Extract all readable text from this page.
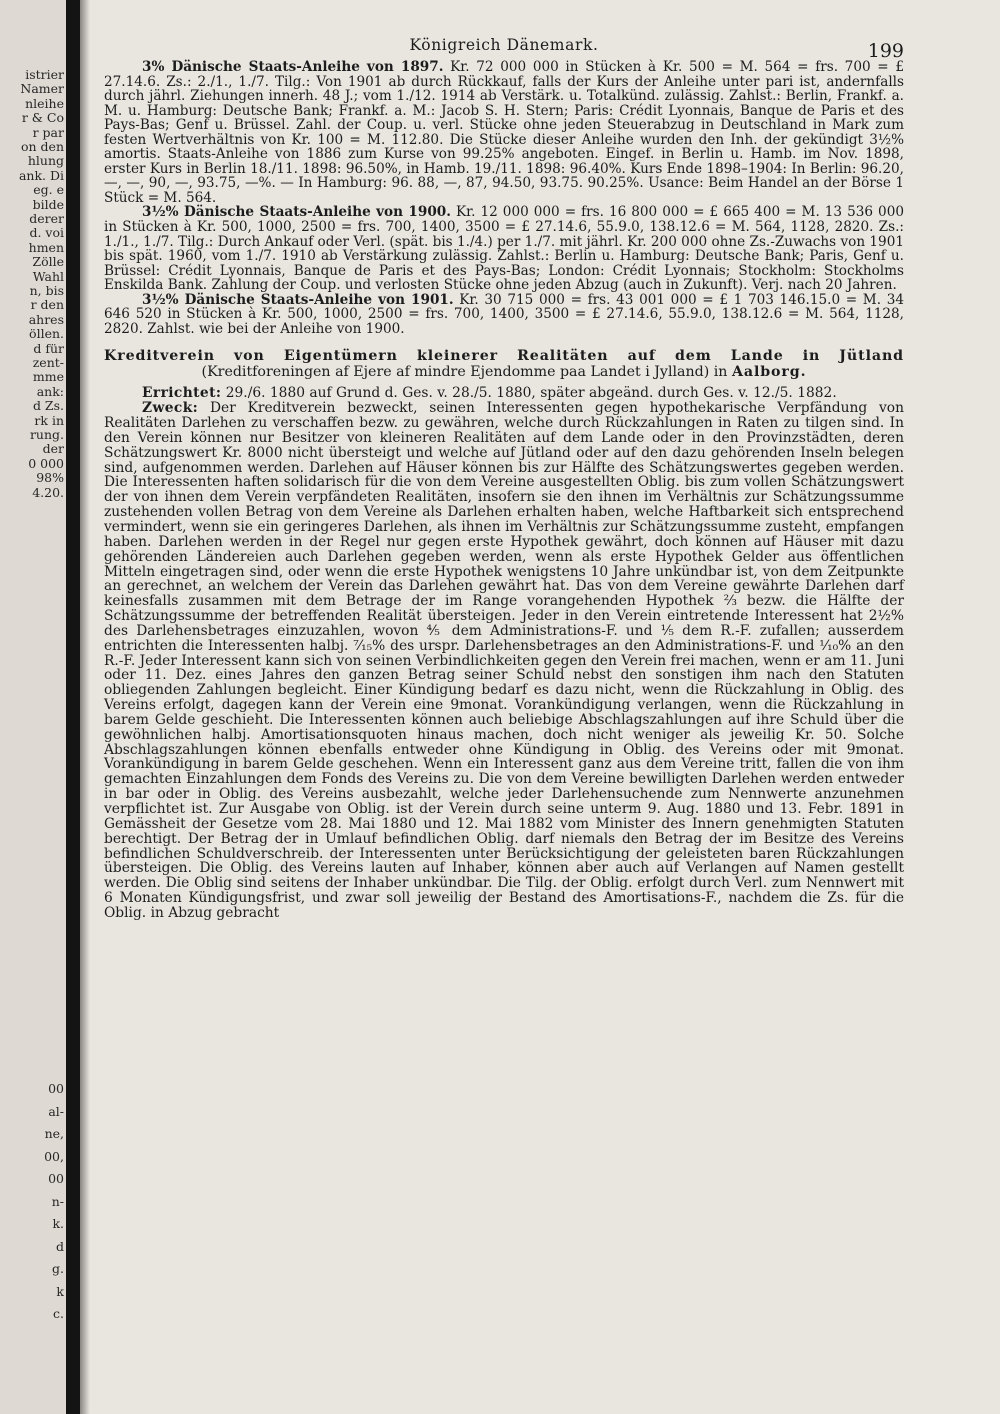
istrier
Namer
nleihe
r & Co
r par
on den
hlung
ank. Di
eg. e
bilde
derer
d. voi
hmen
Zölle
Wahl
n, bis
r den
ahres
öllen.
d für
zent-
mme
ank:
d Zs.
rk in
rung.
der
0 000
98%
4.20.
00
al-
ne,
00,
00
n-
k.
d
g.
k
c.
Königreich Dänemark.	199

3% Dänische Staats-Anleihe von 1897. Kr. 72 000 000 in Stücken à Kr. 500 = M. 564 = frs. 700 = £ 27.14.6. Zs.: 2./1., 1./7. Tilg.: Von 1901 ab durch Rückkauf, falls der Kurs der Anleihe unter pari ist, andernfalls durch jährl. Ziehungen innerh. 48 J.; vom 1./12. 1914 ab Verstärk. u. Totalkünd. zulässig. Zahlst.: Berlin, Frankf. a. M. u. Hamburg: Deutsche Bank; Frankf. a. M.: Jacob S. H. Stern; Paris: Crédit Lyonnais, Banque de Paris et des Pays-Bas; Genf u. Brüssel. Zahl. der Coup. u. verl. Stücke ohne jeden Steuerabzug in Deutschland in Mark zum festen Wertverhältnis von Kr. 100 = M. 112.80. Die Stücke dieser Anleihe wurden den Inh. der gekündigt 3½% amortis. Staats-Anleihe von 1886 zum Kurse von 99.25% angeboten. Eingef. in Berlin u. Hamb. im Nov. 1898, erster Kurs in Berlin 18./11. 1898: 96.50%, in Hamb. 19./11. 1898: 96.40%. Kurs Ende 1898–1904: In Berlin: 96.20, —, —, 90, —, 93.75, —%. — In Hamburg: 96. 88, —, 87, 94.50, 93.75. 90.25%. Usance: Beim Handel an der Börse 1 Stück = M. 564.

3½% Dänische Staats-Anleihe von 1900. Kr. 12 000 000 = frs. 16 800 000 = £ 665 400 = M. 13 536 000 in Stücken à Kr. 500, 1000, 2500 = frs. 700, 1400, 3500 = £ 27.14.6, 55.9.0, 138.12.6 = M. 564, 1128, 2820. Zs.: 1./1., 1./7. Tilg.: Durch Ankauf oder Verl. (spät. bis 1./4.) per 1./7. mit jährl. Kr. 200 000 ohne Zs.-Zuwachs von 1901 bis spät. 1960, vom 1./7. 1910 ab Verstärkung zulässig. Zahlst.: Berlin u. Hamburg: Deutsche Bank; Paris, Genf u. Brüssel: Crédit Lyonnais, Banque de Paris et des Pays-Bas; London: Crédit Lyonnais; Stockholm: Stockholms Enskilda Bank. Zahlung der Coup. und verlosten Stücke ohne jeden Abzug (auch in Zukunft). Verj. nach 20 Jahren.

3½% Dänische Staats-Anleihe von 1901. Kr. 30 715 000 = frs. 43 001 000 = £ 1 703 146.15.0 = M. 34 646 520 in Stücken à Kr. 500, 1000, 2500 = frs. 700, 1400, 3500 = £ 27.14.6, 55.9.0, 138.12.6 = M. 564, 1128, 2820. Zahlst. wie bei der Anleihe von 1900.

Kreditverein von Eigentümern kleinerer Realitäten auf dem Lande in Jütland (Kreditforeningen af Ejere af mindre Ejendomme paa Landet i Jylland) in Aalborg.

Errichtet: 29./6. 1880 auf Grund d. Ges. v. 28./5. 1880, später abgeänd. durch Ges. v. 12./5. 1882.

Zweck: Der Kreditverein bezweckt, seinen Interessenten gegen hypothekarische Verpfändung von Realitäten Darlehen zu verschaffen bezw. zu gewähren, welche durch Rückzahlungen in Raten zu tilgen sind. In den Verein können nur Besitzer von kleineren Realitäten auf dem Lande oder in den Provinzstädten, deren Schätzungswert Kr. 8000 nicht übersteigt und welche auf Jütland oder auf den dazu gehörenden Inseln belegen sind, aufgenommen werden. Darlehen auf Häuser können bis zur Hälfte des Schätzungswertes gegeben werden. Die Interessenten haften solidarisch für die von dem Vereine ausgestellten Oblig. bis zum vollen Schätzungswert der von ihnen dem Verein verpfändeten Realitäten, insofern sie den ihnen im Verhältnis zur Schätzungssumme zustehenden vollen Betrag von dem Vereine als Darlehen erhalten haben, welche Haftbarkeit sich entsprechend vermindert, wenn sie ein geringeres Darlehen, als ihnen im Verhältnis zur Schätzungssumme zusteht, empfangen haben. Darlehen werden in der Regel nur gegen erste Hypothek gewährt, doch können auf Häuser mit dazu gehörenden Ländereien auch Darlehen gegeben werden, wenn als erste Hypothek Gelder aus öffentlichen Mitteln eingetragen sind, oder wenn die erste Hypothek wenigstens 10 Jahre unkündbar ist, von dem Zeitpunkte an gerechnet, an welchem der Verein das Darlehen gewährt hat. Das von dem Vereine gewährte Darlehen darf keinesfalls zusammen mit dem Betrage der im Range vorangehenden Hypothek ⅔ bezw. die Hälfte der Schätzungssumme der betreffenden Realität übersteigen. Jeder in den Verein eintretende Interessent hat 2½% des Darlehensbetrages einzuzahlen, wovon ⅘ dem Administrations-F. und ⅕ dem R.-F. zufallen; ausserdem entrichten die Interessenten halbj. ⁷⁄₁₅% des urspr. Darlehensbetrages an den Administrations-F. und ¹⁄₁₀% an den R.-F. Jeder Interessent kann sich von seinen Verbindlichkeiten gegen den Verein frei machen, wenn er am 11. Juni oder 11. Dez. eines Jahres den ganzen Betrag seiner Schuld nebst den sonstigen ihm nach den Statuten obliegenden Zahlungen begleicht. Einer Kündigung bedarf es dazu nicht, wenn die Rückzahlung in Oblig. des Vereins erfolgt, dagegen kann der Verein eine 9monat. Vorankündigung verlangen, wenn die Rückzahlung in barem Gelde geschieht. Die Interessenten können auch beliebige Abschlagszahlungen auf ihre Schuld über die gewöhnlichen halbj. Amortisationsquoten hinaus machen, doch nicht weniger als jeweilig Kr. 50. Solche Abschlagszahlungen können ebenfalls entweder ohne Kündigung in Oblig. des Vereins oder mit 9monat. Vorankündigung in barem Gelde geschehen. Wenn ein Interessent ganz aus dem Vereine tritt, fallen die von ihm gemachten Einzahlungen dem Fonds des Vereins zu. Die von dem Vereine bewilligten Darlehen werden entweder in bar oder in Oblig. des Vereins ausbezahlt, welche jeder Darlehensuchende zum Nennwerte anzunehmen verpflichtet ist. Zur Ausgabe von Oblig. ist der Verein durch seine unterm 9. Aug. 1880 und 13. Febr. 1891 in Gemässheit der Gesetze vom 28. Mai 1880 und 12. Mai 1882 vom Minister des Innern genehmigten Statuten berechtigt. Der Betrag der in Umlauf befindlichen Oblig. darf niemals den Betrag der im Besitze des Vereins befindlichen Schuldverschreib. der Interessenten unter Berücksichtigung der geleisteten baren Rückzahlungen übersteigen. Die Oblig. des Vereins lauten auf Inhaber, können aber auch auf Verlangen auf Namen gestellt werden. Die Oblig sind seitens der Inhaber unkündbar. Die Tilg. der Oblig. erfolgt durch Verl. zum Nennwert mit 6 Monaten Kündigungsfrist, und zwar soll jeweilig der Bestand des Amortisations-F., nachdem die Zs. für die Oblig. in Abzug gebracht
